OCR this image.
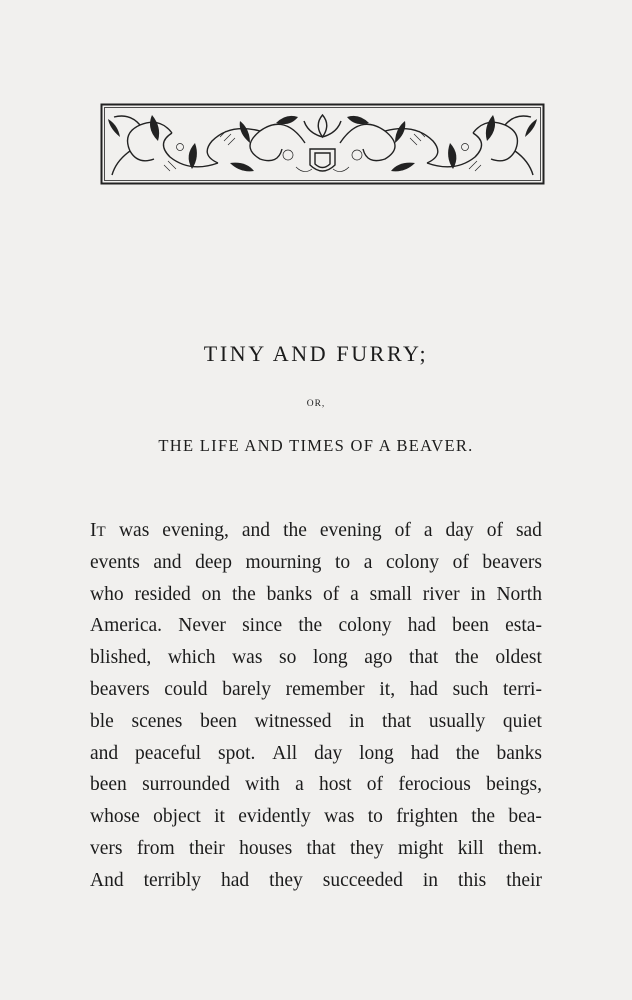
TINY AND FURRY;
OR,
THE LIFE AND TIMES OF A BEAVER.
IT was evening, and the evening of a day of sad
events and deep mourning to a colony of beavers
who resided on the banks of a small river in North
America. Never since the colony had been esta-
blished, which was so long ago that the oldest
beavers could barely remember it, had such terri-
ble scenes been witnessed in that usually quiet
and peaceful spot. All day long had the banks
been surrounded with a host of ferocious beings,
whose object it evidently was to frighten the bea-
vers from their houses that they might kill them.
And terribly had they succeeded in this their
